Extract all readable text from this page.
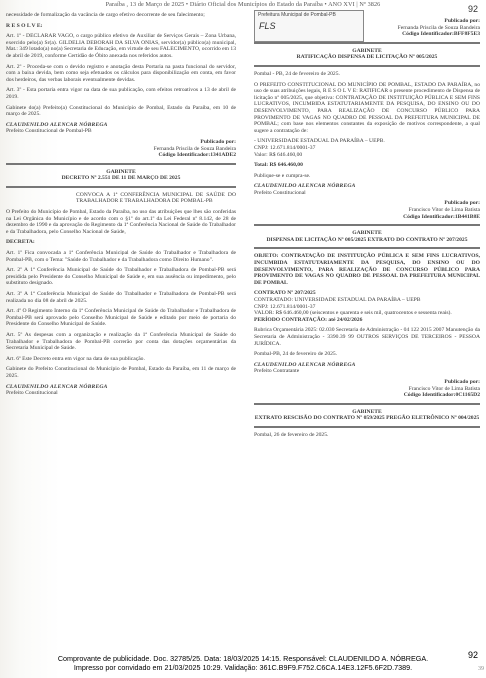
Paraíba , 13 de Março de 2025 • Diário Oficial dos Municípios do Estado da Paraíba • ANO XVI | Nº 3826	92
necessidade de formalização da vacância de cargo efetivo decorrente de seu falecimento;
R E S O L V E:
Art. 1º - DECLARAR VAGO, o cargo público efetivo de Auxiliar de Serviços Gerais – Zona Urbana, exercido pelo(a) Sr(a). GILDELIA DEBORAH DA SILVA ONIAS, servidor(a) público(a) municipal, Mat.: 349 lotado(a) no(a) Secretaria de Educação, em virtude de seu FALECIMENTO, ocorrido em 13 de abril de 2019, conforme Certidão de Óbito anexada nos referidos autos.
Art. 2º - Proceda-se com o devido registro e anotação desta Portaria na pasta funcional do servidor, com a baixa devida, bem como seja efetuados os cálculos para disponibilização em conta, em favor dos herdeiros, das verbas laborais eventualmente devidas.
Art. 3º - Esta portaria entra vigor na data de sua publicação, com efeitos retroativos a 13 de abril de 2019.
Gabinete do(a) Prefeito(a) Constitucional do Município de Pombal, Estado da Paraíba, em 10 de março de 2025.
CLAUDENILDO ALENCAR NÓBREGA
Prefeito Constitucional de Pombal-PB
Publicado por:
Fernanda Priscila de Souza Bandeira
Código Identificador:1341ADE2
GABINETE
DECRETO Nº 2.551 DE 11 DE MARÇO DE 2025
CONVOCA A 1ª CONFERÊNCIA MUNICIPAL DE SAÚDE DO TRABALHADOR E TRABALHADORA DE POMBAL-PB
O Prefeito do Município de Pombal, Estado da Paraíba, no uso das atribuições que lhes são conferidas na Lei Orgânica do Município e de acordo com o §1º do art.1º da Lei Federal nº 8.142, de 28 de dezembro de 1990 e da aprovação do Regimento da 1ª Conferência Nacional de Saúde do Trabalhador e da Trabalhadora, pelo Conselho Nacional de Saúde,
DECRETA:
Art. 1º Fica convocada a 1ª Conferência Municipal de Saúde do Trabalhador e Trabalhadora de Pombal-PB, com o Tema: "Saúde do Trabalhador e da Trabalhadora como Direito Humano".
Art. 2º A 1ª Conferência Municipal de Saúde do Trabalhador e Trabalhadora de Pombal-PB será presidida pelo Presidente do Conselho Municipal de Saúde e, em sua ausência ou impedimento, pelo substituto designado.
Art. 3º A 1ª Conferência Municipal de Saúde do Trabalhador e Trabalhadora de Pombal-PB será realizada no dia 08 de abril de 2025.
Art. 4º O Regimento Interno da 1ª Conferência Municipal de Saúde do Trabalhador e Trabalhadora de Pombal-PB será aprovado pelo Conselho Municipal de Saúde e editado por meio de portaria do Presidente do Conselho Municipal de Saúde.
Art. 5º As despesas com a organização e realização da 1ª Conferência Municipal de Saúde do Trabalhador e Trabalhadora de Pombal-PB correrão por conta das dotações orçamentárias da Secretaria Municipal de Saúde.
Art. 6º Este Decreto entra em vigor na data de sua publicação.
Gabinete do Prefeito Constitucional do Município de Pombal, Estado da Paraíba, em 11 de março de 2025.
CLAUDENILDO ALENCAR NÓBREGA
Prefeito Constitucional
Prefeitura Municipal de Pombal-PB
FLS	Publicado por:
Fernanda Priscila de Souza Bandeira
Código Identificador:BFF8F5E3
GABINETE
RATIFICAÇÃO DISPENSA DE LICITAÇÃO Nº 005/2025
Pombal - PB, 24 de fevereiro de 2025.
O PREFEITO CONSTITUCIONAL DO MUNICÍPIO DE POMBAL, ESTADO DA PARAÍBA, no uso de suas atribuições legais, R E S O L V E: RATIFICAR o presente procedimento de Dispensa de licitação nº 005/2025, que objetiva: CONTRATAÇÃO DE INSTITUIÇÃO PÚBLICA E SEM FINS LUCRATIVOS, INCUMBIDA ESTATUTARIAMENTE DA PESQUISA, DO ENSINO OU DO DESENVOLVIMENTO, PARA REALIZAÇÃO DE CONCURSO PÚBLICO PARA PROVIMENTO DE VAGAS NO QUADRO DE PESSOAL DA PREFEITURA MUNICIPAL DE POMBAL; com base nos elementos constantes da exposição de motivos correspondente, a qual sugere a contratação de:
- UNIVERSIDADE ESTADUAL DA PARAÍBA – UEPB.
CNPJ: 12.671.814/0001-37
Valor: R$ 646.460,00
Total: R$ 646.460,00
Publique-se e cumpra-se.
CLAUDENILDO ALENCAR NÓBREGA
Prefeito Constitucional
Publicado por:
Francisco Vitor de Lima Batista
Código Identificador:1B441B8E
GABINETE
DISPENSA DE LICITAÇÃO Nº 005/2025 EXTRATO DO CONTRATO Nº 207/2025
OBJETO: CONTRATAÇÃO DE INSTITUIÇÃO PÚBLICA E SEM FINS LUCRATIVOS, INCUMBIDA ESTATUTARIAMENTE DA PESQUISA, DO ENSINO OU DO DESENVOLVIMENTO, PARA REALIZAÇÃO DE CONCURSO PÚBLICO PARA PROVIMENTO DE VAGAS NO QUADRO DE PESSOAL DA PREFEITURA MUNICIPAL DE POMBAL
CONTRATO Nº 207/2025
CONTRATADO: UNIVERSIDADE ESTADUAL DA PARAÍBA – UEPB
CNPJ: 12.671.814/0001-37
VALOR: R$ 646.460,00 (seiscentos e quarenta e seis mil, quatrocentos e sessenta reais).
PERÍODO CONTRATAÇÃO: até 24/02/2026
Rubrica Orçamentária 2025: 02.030 Secretaria de Administração - 04 122 2015 2007 Manutenção da Secretaria de Administração - 3390.39 99 OUTROS SERVIÇOS DE TERCEIROS - PESSOA JURÍDICA.
Pombal-PB, 24 de fevereiro de 2025.
CLAUDENILDO ALENCAR NÓBREGA
Prefeito Contratante
Publicado por:
Francisco Vitor de Lima Batista
Código Identificador:0C1165D2
GABINETE
EXTRATO RESCISÃO DO CONTRATO Nº 059/2025 PREGÃO ELETRÔNICO Nº 004/2025
Pombal, 26 de fevereiro de 2025.
92
39
Comprovante de publicidade. Doc. 32785/25. Data: 18/03/2025 14:15. Responsável: CLAUDENILDO A. NÓBREGA.
Impresso por convidado em 21/03/2025 10:29. Validação: 361C.B9F9.F752.C6CA.14E3.12F5.6F2D.7389.
